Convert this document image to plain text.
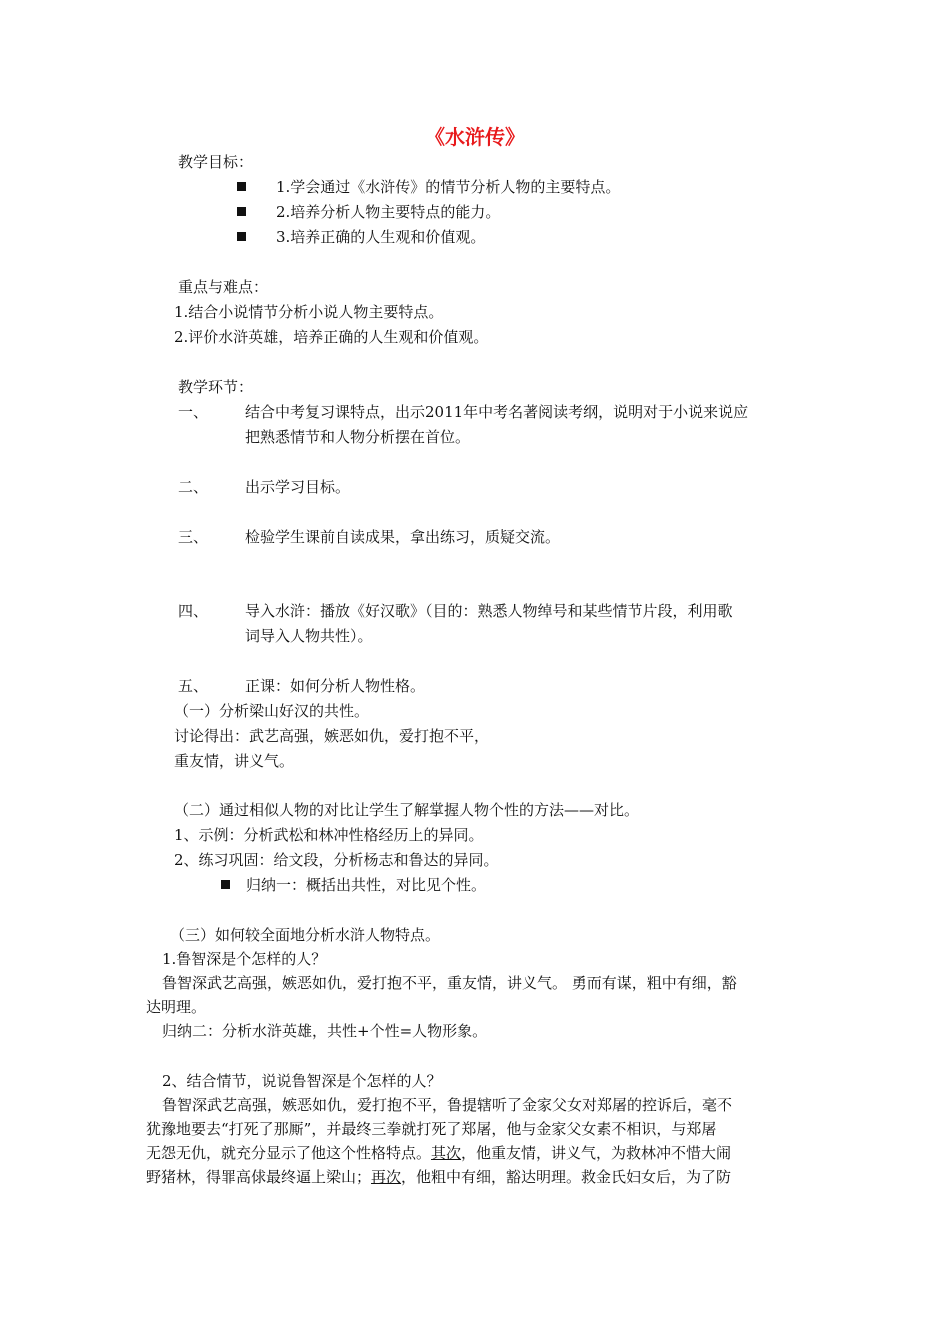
《水浒传》

教学目标：

1.学会通过《水浒传》的情节分析人物的主要特点。

2.培养分析人物主要特点的能力。

3.培养正确的人生观和价值观。

重点与难点：

1.结合小说情节分析小说人物主要特点。

2.评价水浒英雄，培养正确的人生观和价值观。

教学环节：

一、 结合中考复习课特点，出示2011年中考名著阅读考纲，说明对于小说来说应

把熟悉情节和人物分析摆在首位。

二、 出示学习目标。

三、 检验学生课前自读成果，拿出练习，质疑交流。

四、 导入水浒：播放《好汉歌》（目的：熟悉人物绰号和某些情节片段，利用歌

词导入人物共性）。

五、 正课：如何分析人物性格。

（一）分析梁山好汉的共性。

讨论得出：武艺高强，嫉恶如仇，爱打抱不平，

重友情，讲义气。

（二）通过相似人物的对比让学生了解掌握人物个性的方法——对比。

1、示例：分析武松和林冲性格经历上的异同。

2、练习巩固：给文段，分析杨志和鲁达的异同。

归纳一：概括出共性，对比见个性。

（三）如何较全面地分析水浒人物特点。

1.鲁智深是个怎样的人？

鲁智深武艺高强，嫉恶如仇，爱打抱不平，重友情，讲义气。 勇而有谋，粗中有细，豁

达明理。

归纳二：分析水浒英雄，共性+个性=人物形象。

2、结合情节，说说鲁智深是个怎样的人？

鲁智深武艺高强，嫉恶如仇，爱打抱不平，鲁提辖听了金家父女对郑屠的控诉后，毫不

犹豫地要去“打死了那厮”，并最终三拳就打死了郑屠，他与金家父女素不相识，与郑屠

无怨无仇，就充分显示了他这个性格特点。其次，他重友情，讲义气，为救林冲不惜大闹

野猪林，得罪高俅最终逼上梁山；再次，他粗中有细，豁达明理。救金氏妇女后，为了防
